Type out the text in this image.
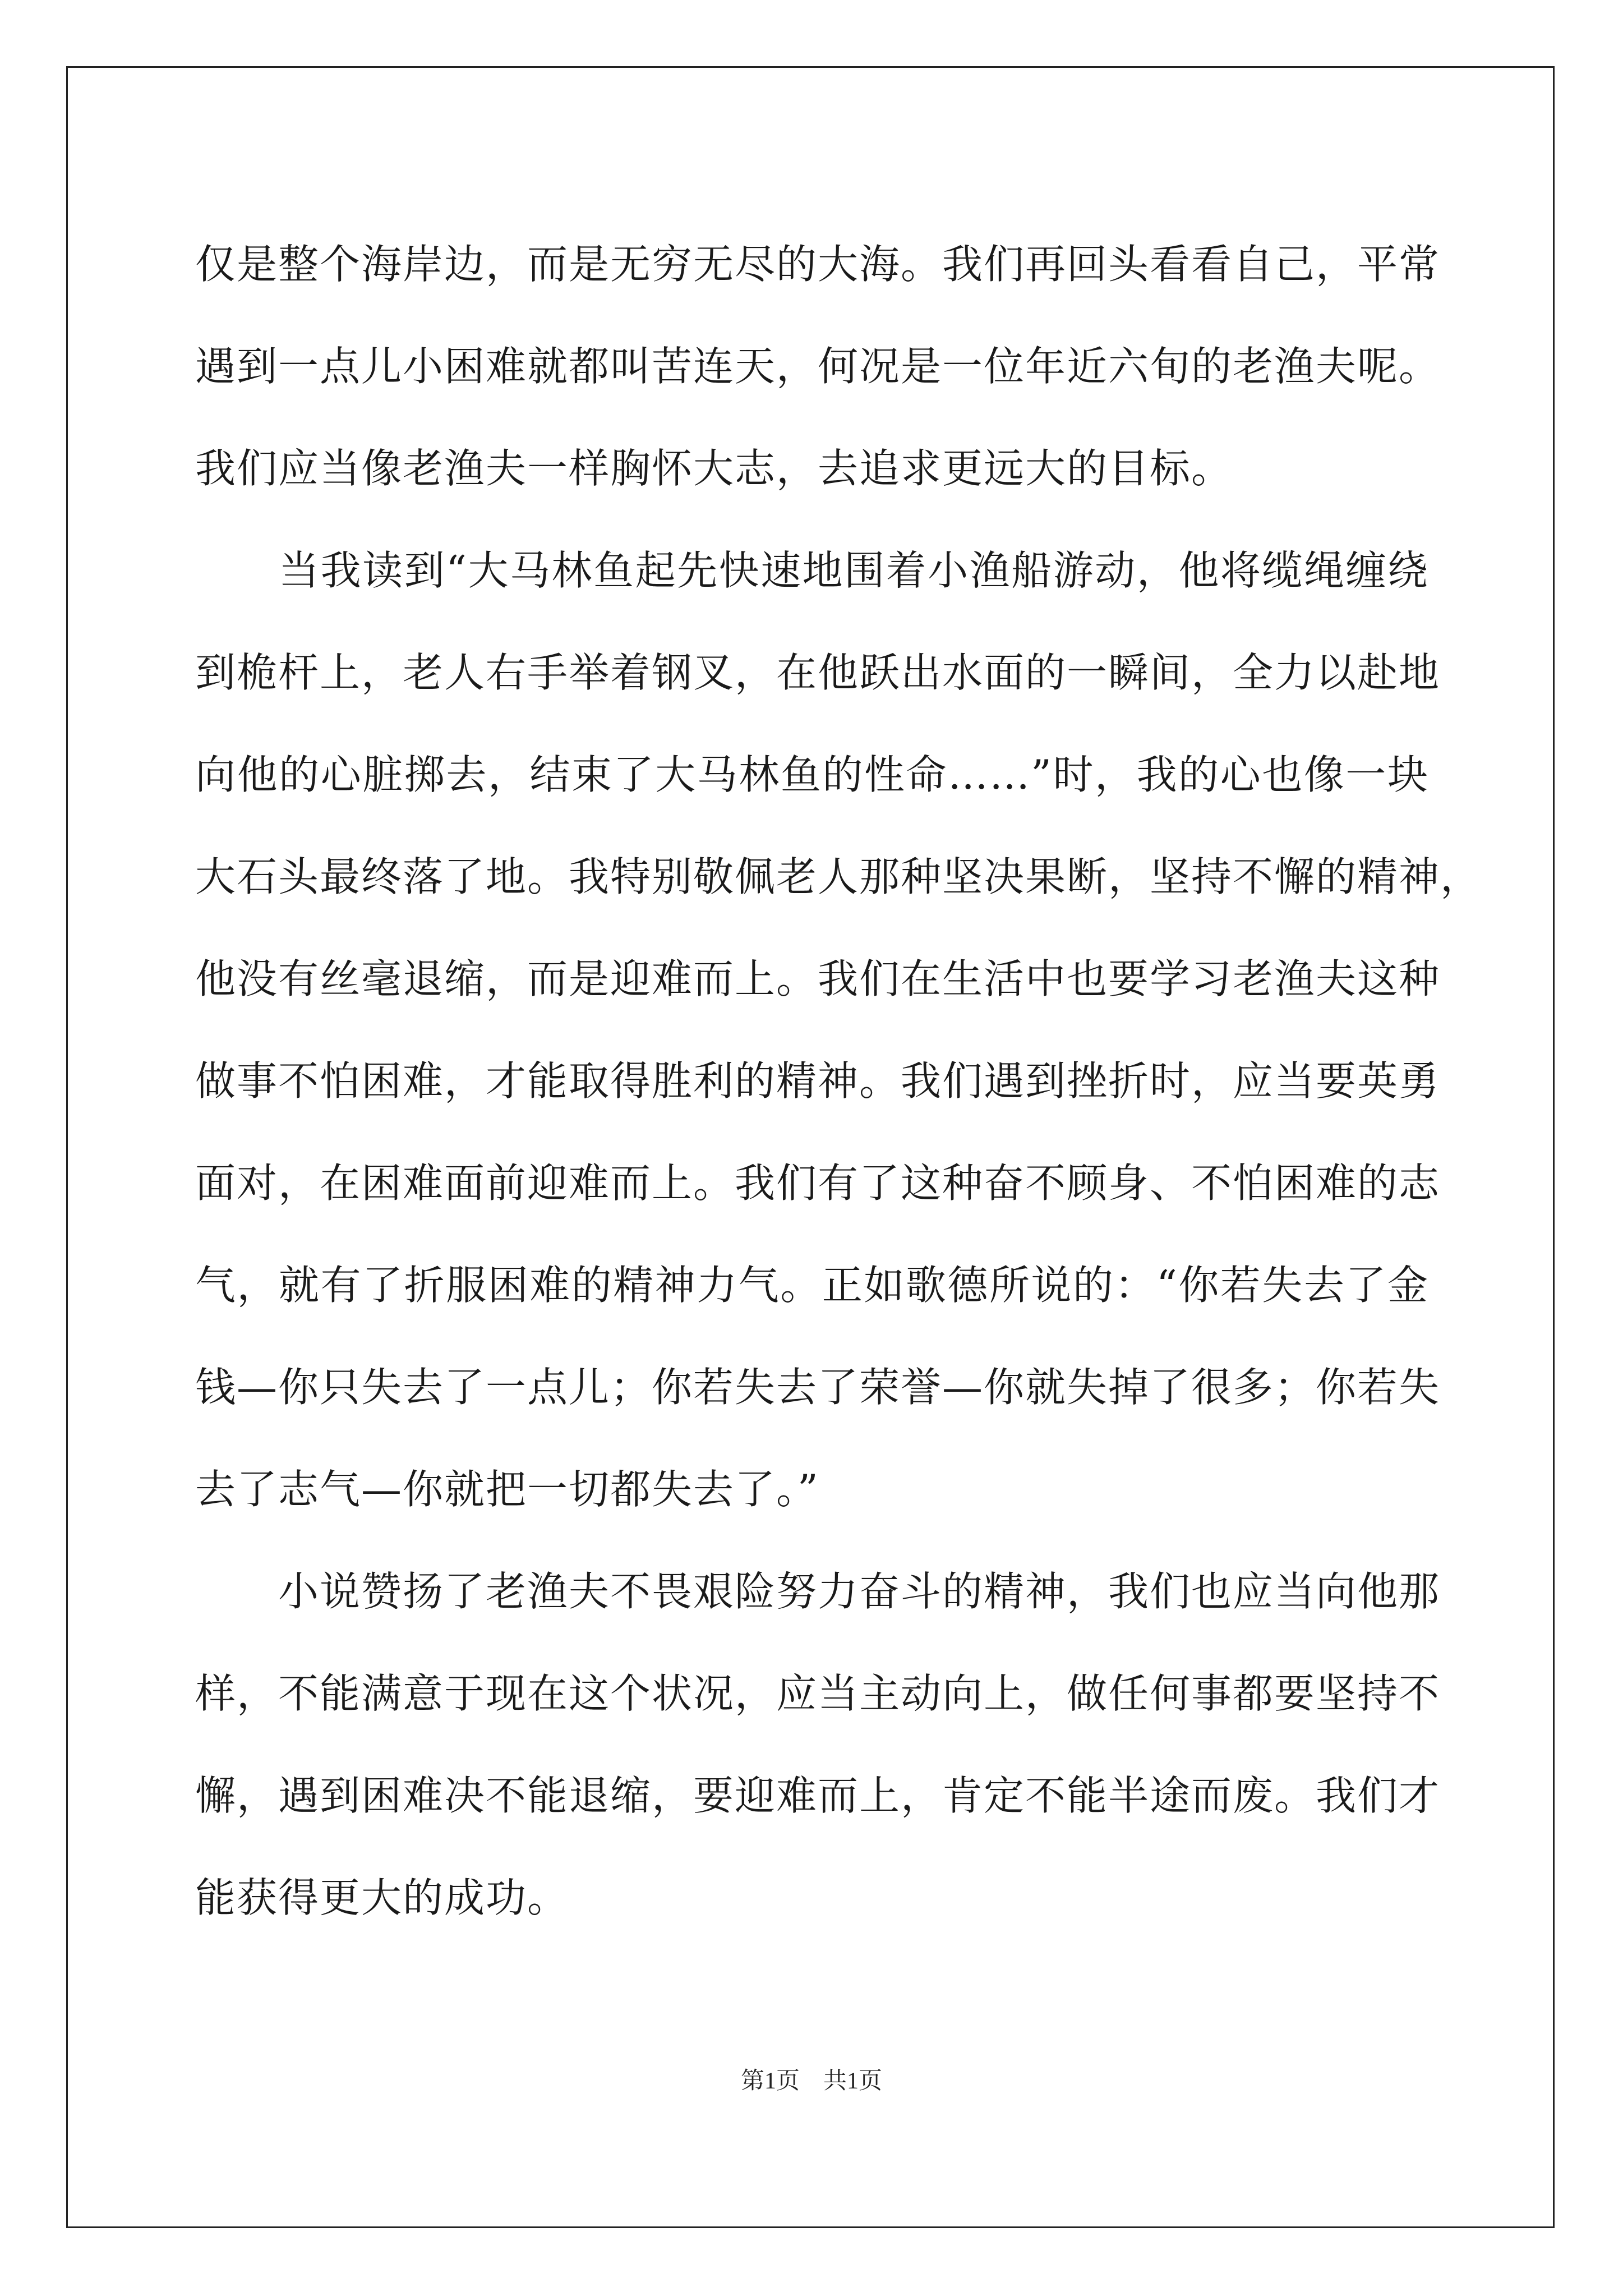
仅是整个海岸边，而是无穷无尽的大海。我们再回头看看自己，平常
遇到一点儿小困难就都叫苦连天，何况是一位年近六旬的老渔夫呢。
我们应当像老渔夫一样胸怀大志，去追求更远大的目标。
　　当我读到“大马林鱼起先快速地围着小渔船游动，他将缆绳缠绕
到桅杆上，老人右手举着钢叉，在他跃出水面的一瞬间，全力以赴地
向他的心脏掷去，结束了大马林鱼的性命……”时，我的心也像一块
大石头最终落了地。我特别敬佩老人那种坚决果断，坚持不懈的精神，
他没有丝毫退缩，而是迎难而上。我们在生活中也要学习老渔夫这种
做事不怕困难，才能取得胜利的精神。我们遇到挫折时，应当要英勇
面对，在困难面前迎难而上。我们有了这种奋不顾身、不怕困难的志
气，就有了折服困难的精神力气。正如歌德所说的：“你若失去了金
钱—你只失去了一点儿；你若失去了荣誉—你就失掉了很多；你若失
去了志气—你就把一切都失去了。”
　　小说赞扬了老渔夫不畏艰险努力奋斗的精神，我们也应当向他那
样，不能满意于现在这个状况，应当主动向上，做任何事都要坚持不
懈，遇到困难决不能退缩，要迎难而上，肯定不能半途而废。我们才
能获得更大的成功。
第1页　共1页
